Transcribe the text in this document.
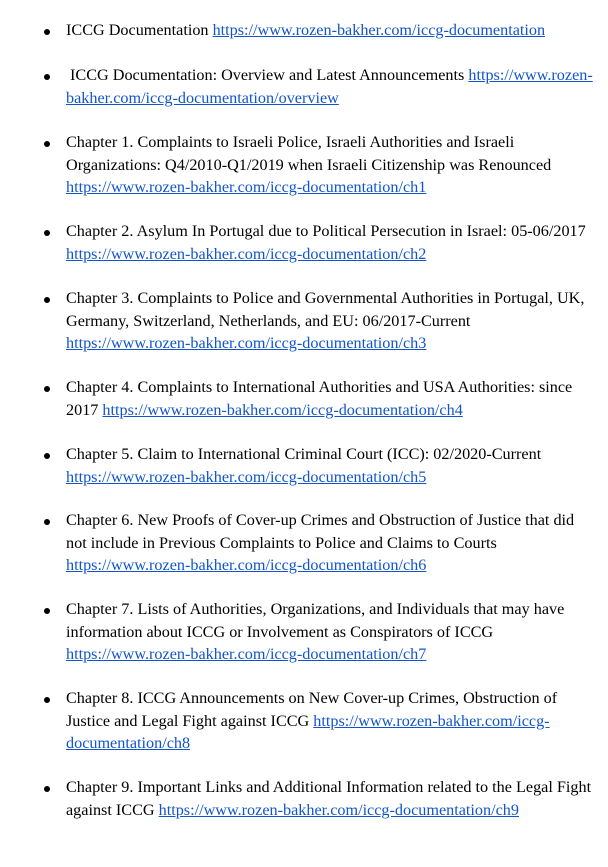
ICCG Documentation https://www.rozen-bakher.com/iccg-documentation
ICCG Documentation: Overview and Latest Announcements https://www.rozen-bakher.com/iccg-documentation/overview
Chapter 1. Complaints to Israeli Police, Israeli Authorities and Israeli Organizations: Q4/2010-Q1/2019 when Israeli Citizenship was Renounced https://www.rozen-bakher.com/iccg-documentation/ch1
Chapter 2. Asylum In Portugal due to Political Persecution in Israel: 05-06/2017 https://www.rozen-bakher.com/iccg-documentation/ch2
Chapter 3. Complaints to Police and Governmental Authorities in Portugal, UK, Germany, Switzerland, Netherlands, and EU: 06/2017-Current https://www.rozen-bakher.com/iccg-documentation/ch3
Chapter 4. Complaints to International Authorities and USA Authorities: since 2017 https://www.rozen-bakher.com/iccg-documentation/ch4
Chapter 5. Claim to International Criminal Court (ICC): 02/2020-Current https://www.rozen-bakher.com/iccg-documentation/ch5
Chapter 6. New Proofs of Cover-up Crimes and Obstruction of Justice that did not include in Previous Complaints to Police and Claims to Courts https://www.rozen-bakher.com/iccg-documentation/ch6
Chapter 7. Lists of Authorities, Organizations, and Individuals that may have information about ICCG or Involvement as Conspirators of ICCG https://www.rozen-bakher.com/iccg-documentation/ch7
Chapter 8. ICCG Announcements on New Cover-up Crimes, Obstruction of Justice and Legal Fight against ICCG https://www.rozen-bakher.com/iccg-documentation/ch8
Chapter 9. Important Links and Additional Information related to the Legal Fight against ICCG https://www.rozen-bakher.com/iccg-documentation/ch9
